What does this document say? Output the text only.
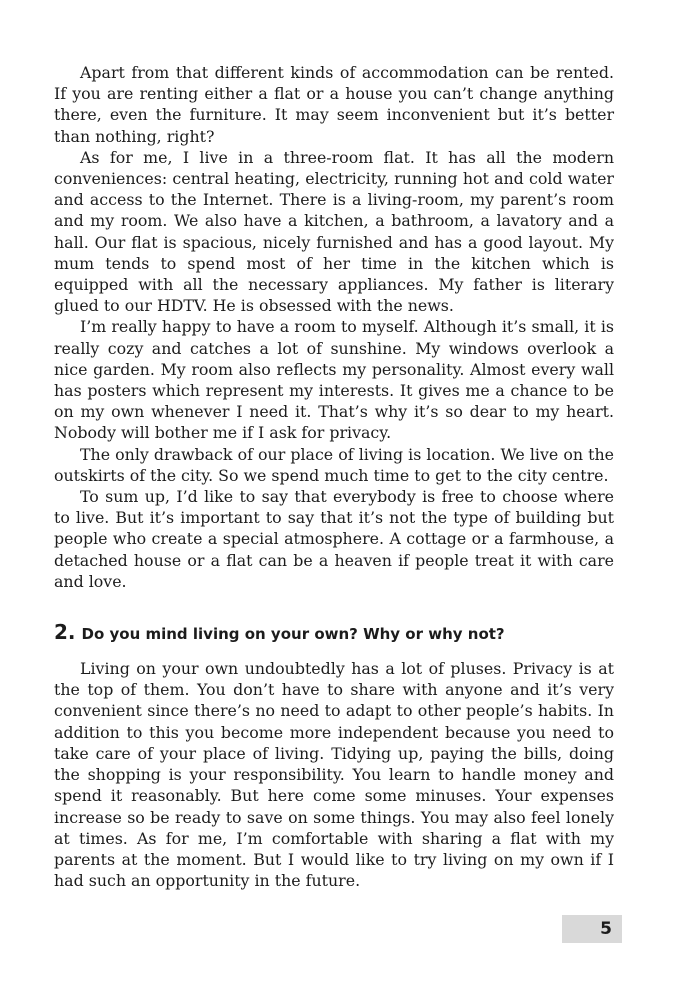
Apart from that different kinds of accommodation can be rented. If you are renting either a flat or a house you can’t change anything there, even the furniture. It may seem inconvenient but it’s better than nothing, right?

As for me, I live in a three-room flat. It has all the modern conveniences: central heating, electricity, running hot and cold water and access to the Internet. There is a living-room, my parent’s room and my room. We also have a kitchen, a bathroom, a lavatory and a hall. Our flat is spacious, nicely furnished and has a good layout. My mum tends to spend most of her time in the kitchen which is equipped with all the necessary appliances. My father is literary glued to our HDTV. He is obsessed with the news.

I’m really happy to have a room to myself. Although it’s small, it is really cozy and catches a lot of sunshine. My windows overlook a nice garden. My room also reflects my personality. Almost every wall has posters which represent my interests. It gives me a chance to be on my own whenever I need it. That’s why it’s so dear to my heart. Nobody will bother me if I ask for privacy.

The only drawback of our place of living is location. We live on the outskirts of the city. So we spend much time to get to the city centre.

To sum up, I’d like to say that everybody is free to choose where to live. But it’s important to say that it’s not the type of building but people who create a special atmosphere. A cottage or a farmhouse, a detached house or a flat can be a heaven if people treat it with care and love.

2. Do you mind living on your own? Why or why not?

Living on your own undoubtedly has a lot of pluses. Privacy is at the top of them. You don’t have to share with anyone and it’s very convenient since there’s no need to adapt to other people’s habits. In addition to this you become more independent because you need to take care of your place of living. Tidying up, paying the bills, doing the shopping is your responsibility. You learn to handle money and spend it reasonably. But here come some minuses. Your expenses increase so be ready to save on some things. You may also feel lonely at times. As for me, I’m comfortable with sharing a flat with my parents at the moment. But I would like to try living on my own if I had such an opportunity in the future.

5
